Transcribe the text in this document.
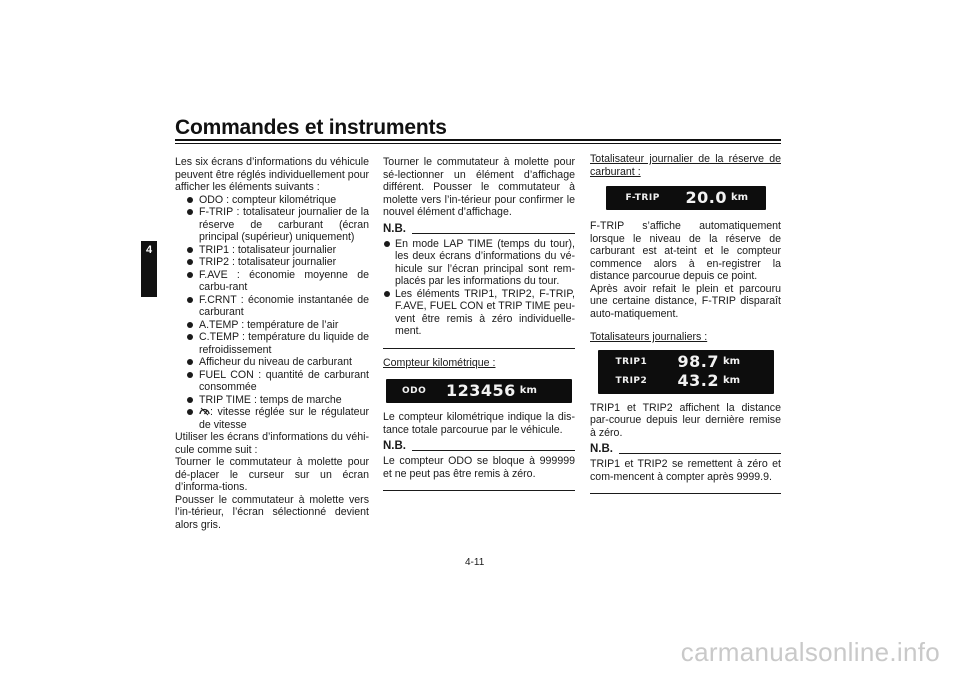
Commandes et instruments
4

Les six écrans d’informations du véhicule peuvent être réglés individuellement pour afficher les éléments suivants :

ODO : compteur kilométrique
F-TRIP : totalisateur journalier de la réserve de carburant (écran principal (supérieur) uniquement)
TRIP1 : totalisateur journalier
TRIP2 : totalisateur journalier
F.AVE : économie moyenne de carbu-rant
F.CRNT : économie instantanée de carburant
A.TEMP : température de l’air
C.TEMP : température du liquide de refroidissement
Afficheur du niveau de carburant
FUEL CON : quantité de carburant consommée
TRIP TIME : temps de marche
: vitesse réglée sur le régulateur de vitesse

Utiliser les écrans d’informations du véhi-cule comme suit :

Tourner le commutateur à molette pour dé-placer le curseur sur un écran d’informa-tions.

Pousser le commutateur à molette vers l’in-térieur, l’écran sélectionné devient alors gris.

Tourner le commutateur à molette pour sé-lectionner un élément d’affichage différent. Pousser le commutateur à molette vers l’in-térieur pour confirmer le nouvel élément d’affichage.

N.B.
En mode LAP TIME (temps du tour), les deux écrans d’informations du vé-hicule sur l’écran principal sont rem-placés par les informations du tour.
Les éléments TRIP1, TRIP2, F-TRIP, F.AVE, FUEL CON et TRIP TIME peu-vent être remis à zéro individuelle-ment.

Compteur kilométrique :

ODO	123456 km

Le compteur kilométrique indique la dis-tance totale parcourue par le véhicule.

N.B.

Le compteur ODO se bloque à 999999 et ne peut pas être remis à zéro.

Totalisateur journalier de la réserve de carburant :

F-TRIP	20.0 km

F-TRIP s’affiche automatiquement lorsque le niveau de la réserve de carburant est at-teint et le compteur commence alors à en-registrer la distance parcourue depuis ce point.

Après avoir refait le plein et parcouru une certaine distance, F-TRIP disparaît auto-matiquement.

Totalisateurs journaliers :

TRIP1	98.7 km
TRIP2	43.2 km

TRIP1 et TRIP2 affichent la distance par-courue depuis leur dernière remise à zéro.

N.B.

TRIP1 et TRIP2 se remettent à zéro et com-mencent à compter après 9999.9.

4-11
carmanualsonline.info
